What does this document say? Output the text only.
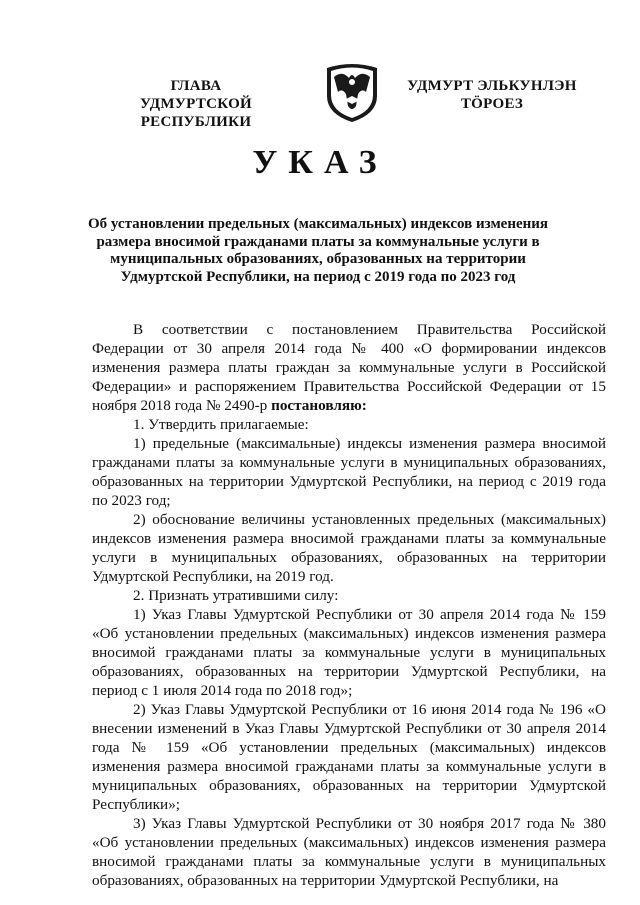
ГЛАВА
УДМУРТСКОЙ РЕСПУБЛИКИ
УДМУРТ ЭЛЬКУНЛЭН
ТӦРОЕЗ
УКАЗ
Об установлении предельных (максимальных) индексов изменения размера вносимой гражданами платы за коммунальные услуги в муниципальных образованиях, образованных на территории Удмуртской Республики, на период с 2019 года по 2023 год

В соответствии с постановлением Правительства Российской Федерации от 30 апреля 2014 года № 400 «О формировании индексов изменения размера платы граждан за коммунальные услуги в Российской Федерации» и распоряжением Правительства Российской Федерации от 15 ноября 2018 года № 2490-р постановляю:

1. Утвердить прилагаемые:

1) предельные (максимальные) индексы изменения размера вносимой гражданами платы за коммунальные услуги в муниципальных образованиях, образованных на территории Удмуртской Республики, на период с 2019 года по 2023 год;

2) обоснование величины установленных предельных (максимальных) индексов изменения размера вносимой гражданами платы за коммунальные услуги в муниципальных образованиях, образованных на территории Удмуртской Республики, на 2019 год.

2. Признать утратившими силу:

1) Указ Главы Удмуртской Республики от 30 апреля 2014 года № 159 «Об установлении предельных (максимальных) индексов изменения размера вносимой гражданами платы за коммунальные услуги в муниципальных образованиях, образованных на территории Удмуртской Республики, на период с 1 июля 2014 года по 2018 год»;

2) Указ Главы Удмуртской Республики от 16 июня 2014 года № 196 «О внесении изменений в Указ Главы Удмуртской Республики от 30 апреля 2014 года № 159 «Об установлении предельных (максимальных) индексов изменения размера вносимой гражданами платы за коммунальные услуги в муниципальных образованиях, образованных на территории Удмуртской Республики»;

3) Указ Главы Удмуртской Республики от 30 ноября 2017 года № 380 «Об установлении предельных (максимальных) индексов изменения размера вносимой гражданами платы за коммунальные услуги в муниципальных образованиях, образованных на территории Удмуртской Республики, на
